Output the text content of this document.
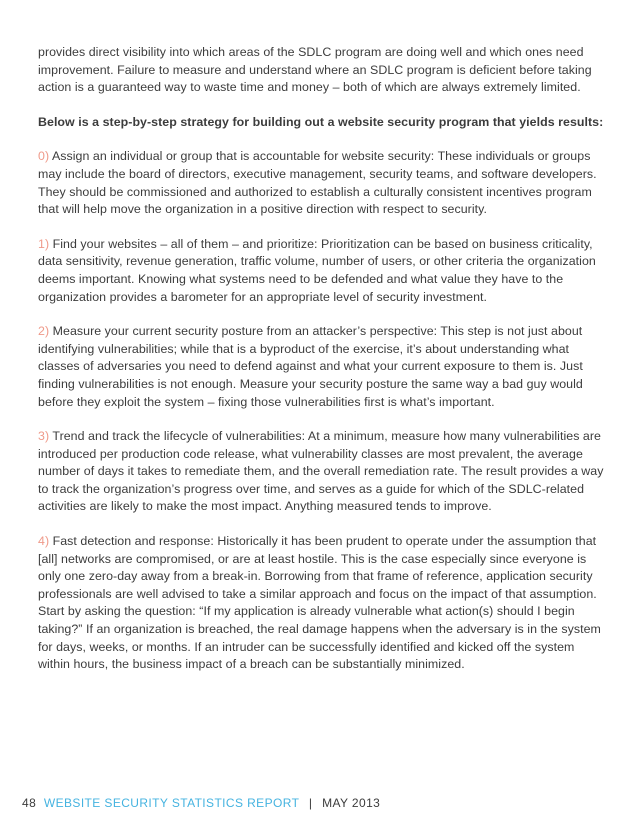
provides direct visibility into which areas of the SDLC program are doing well and which ones need improvement. Failure to measure and understand where an SDLC program is deficient before taking action is a guaranteed way to waste time and money – both of which are always extremely limited.

Below is a step-by-step strategy for building out a website security program that yields results:

0) Assign an individual or group that is accountable for website security: These individuals or groups may include the board of directors, executive management, security teams, and software developers. They should be commissioned and authorized to establish a culturally consistent incentives program that will help move the organization in a positive direction with respect to security.

1) Find your websites – all of them – and prioritize: Prioritization can be based on business criticality, data sensitivity, revenue generation, traffic volume, number of users, or other criteria the organization deems important. Knowing what systems need to be defended and what value they have to the organization provides a barometer for an appropriate level of security investment.

2) Measure your current security posture from an attacker’s perspective: This step is not just about identifying vulnerabilities; while that is a byproduct of the exercise, it’s about understanding what classes of adversaries you need to defend against and what your current exposure to them is. Just finding vulnerabilities is not enough. Measure your security posture the same way a bad guy would before they exploit the system – fixing those vulnerabilities first is what’s important.

3) Trend and track the lifecycle of vulnerabilities: At a minimum, measure how many vulnerabilities are introduced per production code release, what vulnerability classes are most prevalent, the average number of days it takes to remediate them, and the overall remediation rate. The result provides a way to track the organization’s progress over time, and serves as a guide for which of the SDLC-related activities are likely to make the most impact. Anything measured tends to improve.

4) Fast detection and response: Historically it has been prudent to operate under the assumption that [all] networks are compromised, or are at least hostile. This is the case especially since everyone is only one zero-day away from a break-in. Borrowing from that frame of reference, application security professionals are well advised to take a similar approach and focus on the impact of that assumption. Start by asking the question: “If my application is already vulnerable what action(s) should I begin taking?” If an organization is breached, the real damage happens when the adversary is in the system for days, weeks, or months. If an intruder can be successfully identified and kicked off the system within hours, the business impact of a breach can be substantially minimized.

48 WEBSITE SECURITY STATISTICS REPORT | MAY 2013
